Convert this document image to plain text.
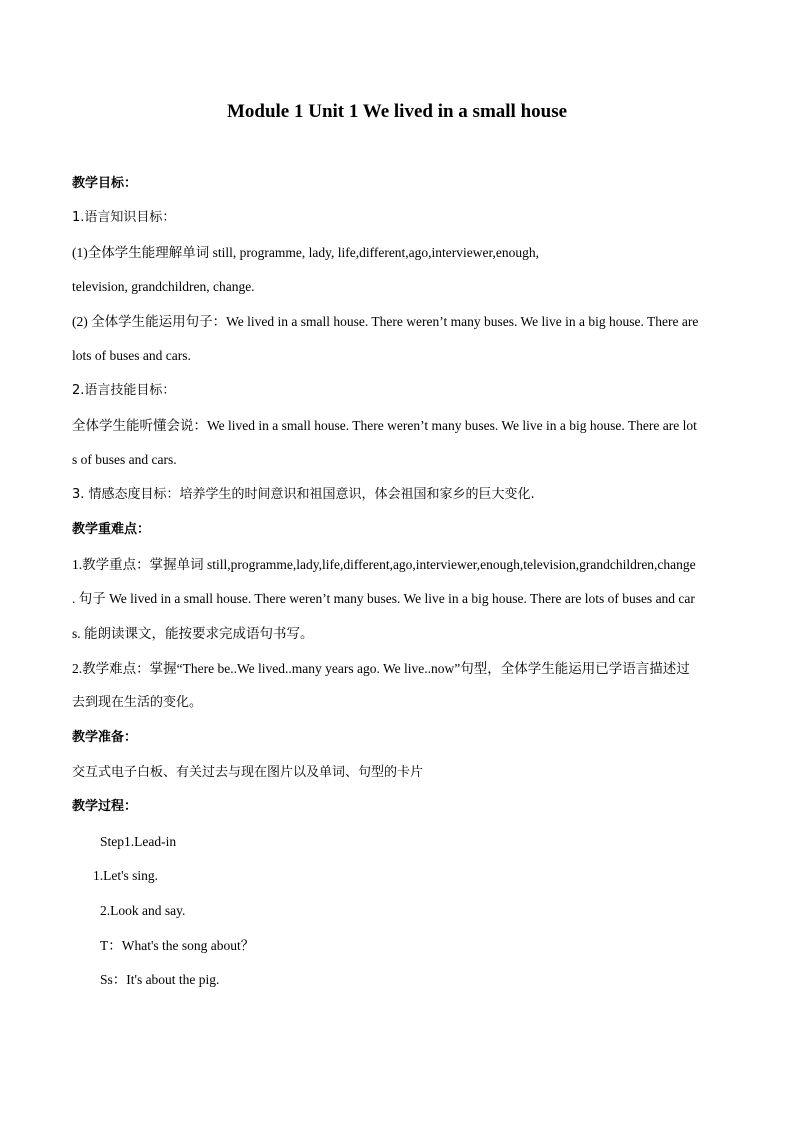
Module 1 Unit 1 We lived in a small house
教学目标：
1.语言知识目标：
(1)全体学生能理解单词 still, programme, lady, life,different,ago,interviewer,enough,
television, grandchildren, change.
(2) 全体学生能运用句子：We lived in a small house. There weren’t many buses. We live in a big house. There are
lots of buses and cars.
2.语言技能目标：
全体学生能听懂会说：We lived in a small house. There weren’t many buses. We live in a big house. There are lot
s of buses and cars.
3. 情感态度目标：培养学生的时间意识和祖国意识，体会祖国和家乡的巨大变化.
教学重难点：
1.教学重点：掌握单词 still,programme,lady,life,different,ago,interviewer,enough,television,grandchildren,change
. 句子 We lived in a small house. There weren’t many buses. We live in a big house. There are lots of buses and car
s. 能朗读课文，能按要求完成语句书写。
2.教学难点：掌握“There be..We lived..many years ago. We live..now”句型，全体学生能运用已学语言描述过
去到现在生活的变化。
教学准备：
交互式电子白板、有关过去与现在图片以及单词、句型的卡片
教学过程：
Step1.Lead-in
1.Let's sing.
2.Look and say.
T：What's the song about？
Ss：It's about the pig.
